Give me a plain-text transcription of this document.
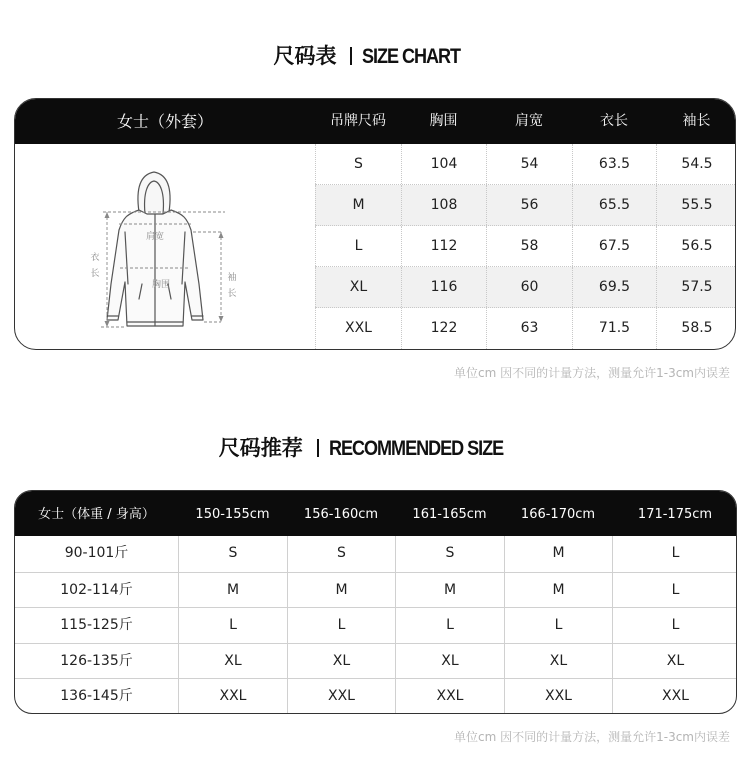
尺码表 SIZE CHART
女士（外套）	吊牌尺码	胸围	肩宽	衣长	袖长
肩宽
胸围
衣
长	袖
长
S	104	54	63.5	54.5
M	108	56	65.5	55.5
L	112	58	67.5	56.5
XL	116	60	69.5	57.5
XXL	122	63	71.5	58.5
单位cm 因不同的计量方法，测量允许1-3cm内误差
尺码推荐 RECOMMENDED SIZE
女士（体重 / 身高）	150-155cm	156-160cm	161-165cm	166-170cm	171-175cm
90-101斤	S	S	S	M	L
102-114斤	M	M	M	M	L
115-125斤	L	L	L	L	L
126-135斤	XL	XL	XL	XL	XL
136-145斤	XXL	XXL	XXL	XXL	XXL
单位cm 因不同的计量方法，测量允许1-3cm内误差
